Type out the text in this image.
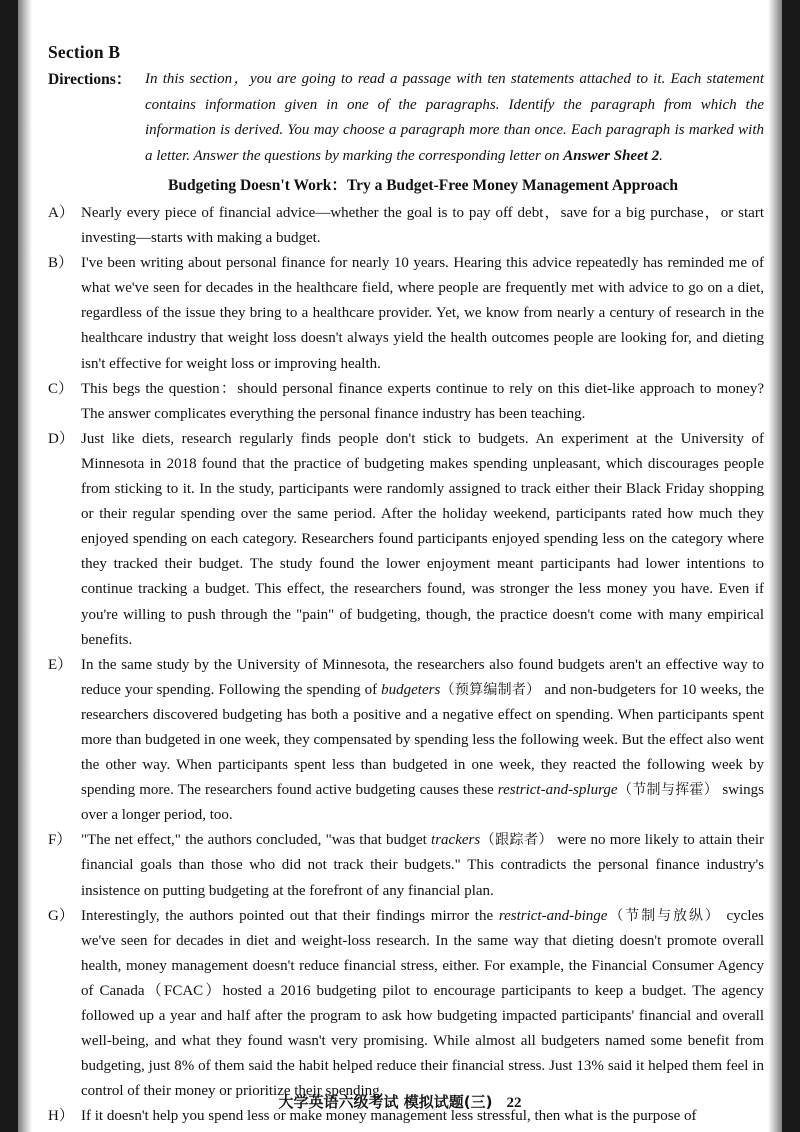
Section B
Directions： In this section，you are going to read a passage with ten statements attached to it. Each statement contains information given in one of the paragraphs. Identify the paragraph from which the information is derived. You may choose a paragraph more than once. Each paragraph is marked with a letter. Answer the questions by marking the corresponding letter on Answer Sheet 2.
Budgeting Doesn't Work：Try a Budget-Free Money Management Approach
A） Nearly every piece of financial advice—whether the goal is to pay off debt，save for a big purchase，or start investing—starts with making a budget.
B） I've been writing about personal finance for nearly 10 years. Hearing this advice repeatedly has reminded me of what we've seen for decades in the healthcare field, where people are frequently met with advice to go on a diet, regardless of the issue they bring to a healthcare provider. Yet, we know from nearly a century of research in the healthcare industry that weight loss doesn't always yield the health outcomes people are looking for, and dieting isn't effective for weight loss or improving health.
C） This begs the question：should personal finance experts continue to rely on this diet-like approach to money? The answer complicates everything the personal finance industry has been teaching.
D） Just like diets, research regularly finds people don't stick to budgets. An experiment at the University of Minnesota in 2018 found that the practice of budgeting makes spending unpleasant, which discourages people from sticking to it. In the study, participants were randomly assigned to track either their Black Friday shopping or their regular spending over the same period. After the holiday weekend, participants rated how much they enjoyed spending on each category. Researchers found participants enjoyed spending less on the category where they tracked their budget. The study found the lower enjoyment meant participants had lower intentions to continue tracking a budget. This effect, the researchers found, was stronger the less money you have. Even if you're willing to push through the "pain" of budgeting, though, the practice doesn't come with many empirical benefits.
E） In the same study by the University of Minnesota, the researchers also found budgets aren't an effective way to reduce your spending. Following the spending of budgeters（预算编制者） and non-budgeters for 10 weeks, the researchers discovered budgeting has both a positive and a negative effect on spending. When participants spent more than budgeted in one week, they compensated by spending less the following week. But the effect also went the other way. When participants spent less than budgeted in one week, they reacted the following week by spending more. The researchers found active budgeting causes these restrict-and-splurge（节制与挥霍） swings over a longer period, too.
F） "The net effect," the authors concluded, "was that budget trackers（跟踪者） were no more likely to attain their financial goals than those who did not track their budgets." This contradicts the personal finance industry's insistence on putting budgeting at the forefront of any financial plan.
G） Interestingly, the authors pointed out that their findings mirror the restrict-and-binge（节制与放纵） cycles we've seen for decades in diet and weight-loss research. In the same way that dieting doesn't promote overall health, money management doesn't reduce financial stress, either. For example, the Financial Consumer Agency of Canada（FCAC）hosted a 2016 budgeting pilot to encourage participants to keep a budget. The agency followed up a year and half after the program to ask how budgeting impacted participants' financial and overall well-being, and what they found wasn't very promising. While almost all budgeters named some benefit from budgeting, just 8% of them said the habit helped reduce their financial stress. Just 13% said it helped them feel in control of their money or prioritize their spending.
H） If it doesn't help you spend less or make money management less stressful, then what is the purpose of
大学英语六级考试 模拟试题(三) 22
